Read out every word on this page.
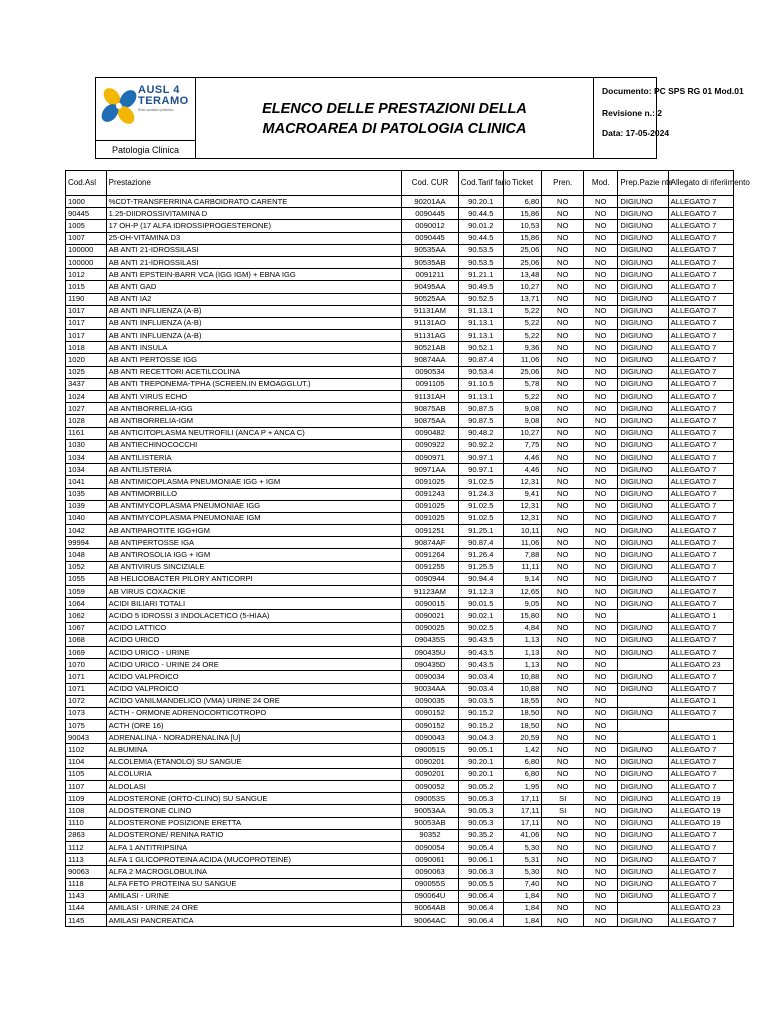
AUSL 4
TERAMO
Ente sanitario pubblico
Patologia Clinica
ELENCO DELLE PRESTAZIONI DELLA
MACROAREA DI PATOLOGIA CLINICA
Documento: PC SPS RG 01 Mod.01
Revisione n.: 2
Data: 17-05-2024
Cod.Asl	Prestazione	Cod. CUR	Cod.Tarif fario	Ticket	Pren.	Mod.	Prep.Pazie nte	Allegato di riferiimento
1000	%CDT-TRANSFERRINA CARBOIDRATO CARENTE	90201AA	90.20.1	6,80	NO	NO	DIGIUNO	ALLEGATO 7
90445	1.25-DIIDROSSIVITAMINA D	0090445	90.44.5	15,86	NO	NO	DIGIUNO	ALLEGATO 7
1005	17 OH-P (17 ALFA IDROSSIPROGESTERONE)	0090012	90.01.2	10,53	NO	NO	DIGIUNO	ALLEGATO 7
1007	25-OH-VITAMINA D3	0090445	90.44.5	15,86	NO	NO	DIGIUNO	ALLEGATO 7
100000	AB ANTI 21-IDROSSILASI	90535AA	90.53.5	25,06	NO	NO	DIGIUNO	ALLEGATO 7
100000	AB ANTI 21-IDROSSILASI	90535AB	90.53.5	25,06	NO	NO	DIGIUNO	ALLEGATO 7
1012	AB ANTI EPSTEIN-BARR VCA (IGG IGM) + EBNA IGG	0091211	91.21.1	13,48	NO	NO	DIGIUNO	ALLEGATO 7
1015	AB ANTI GAD	90495AA	90.49.5	10,27	NO	NO	DIGIUNO	ALLEGATO 7
1190	AB ANTI IA2	90525AA	90.52.5	13,71	NO	NO	DIGIUNO	ALLEGATO 7
1017	AB ANTI INFLUENZA (A-B)	91131AM	91.13.1	5,22	NO	NO	DIGIUNO	ALLEGATO 7
1017	AB ANTI INFLUENZA (A-B)	91131AO	91.13.1	5,22	NO	NO	DIGIUNO	ALLEGATO 7
1017	AB ANTI INFLUENZA (A-B)	91131AG	91.13.1	5,22	NO	NO	DIGIUNO	ALLEGATO 7
1018	AB ANTI INSULA	90521AB	90.52.1	9,36	NO	NO	DIGIUNO	ALLEGATO 7
1020	AB ANTI PERTOSSE IGG	90874AA	90.87.4	11,06	NO	NO	DIGIUNO	ALLEGATO 7
1025	AB ANTI RECETTORI ACETILCOLINA	0090534	90.53.4	25,06	NO	NO	DIGIUNO	ALLEGATO 7
3437	AB ANTI TREPONEMA-TPHA (SCREEN.IN EMOAGGLUT.)	0091105	91.10.5	5,78	NO	NO	DIGIUNO	ALLEGATO 7
1024	AB ANTI VIRUS ECHO	91131AH	91.13.1	5,22	NO	NO	DIGIUNO	ALLEGATO 7
1027	AB ANTIBORRELIA-IGG	90875AB	90.87.5	9,08	NO	NO	DIGIUNO	ALLEGATO 7
1028	AB ANTIBORRELIA-IGM	90875AA	90.87.5	9,08	NO	NO	DIGIUNO	ALLEGATO 7
1161	AB ANTICITOPLASMA NEUTROFILI (ANCA P + ANCA C)	0090482	90.48.2	10,27	NO	NO	DIGIUNO	ALLEGATO 7
1030	AB ANTIECHINOCOCCHI	0090922	90.92.2	7,75	NO	NO	DIGIUNO	ALLEGATO 7
1034	AB ANTILISTERIA	0090971	90.97.1	4,46	NO	NO	DIGIUNO	ALLEGATO 7
1034	AB ANTILISTERIA	90971AA	90.97.1	4,46	NO	NO	DIGIUNO	ALLEGATO 7
1041	AB ANTIMICOPLASMA PNEUMONIAE IGG + IGM	0091025	91.02.5	12,31	NO	NO	DIGIUNO	ALLEGATO 7
1035	AB ANTIMORBILLO	0091243	91.24.3	9,41	NO	NO	DIGIUNO	ALLEGATO 7
1039	AB ANTIMYCOPLASMA PNEUMONIAE IGG	0091025	91.02.5	12,31	NO	NO	DIGIUNO	ALLEGATO 7
1040	AB ANTIMYCOPLASMA PNEUMONIAE IGM	0091025	91.02.5	12,31	NO	NO	DIGIUNO	ALLEGATO 7
1042	AB ANTIPAROTITE IGG+IGM	0091251	91.25.1	10,11	NO	NO	DIGIUNO	ALLEGATO 7
99994	AB ANTIPERTOSSE IGA	90874AF	90.87.4	11,06	NO	NO	DIGIUNO	ALLEGATO 7
1048	AB ANTIROSOLIA IGG + IGM	0091264	91.26.4	7,88	NO	NO	DIGIUNO	ALLEGATO 7
1052	AB ANTIVIRUS SINCIZIALE	0091255	91.25.5	11,11	NO	NO	DIGIUNO	ALLEGATO 7
1055	AB HELICOBACTER PILORY ANTICORPI	0090944	90.94.4	9,14	NO	NO	DIGIUNO	ALLEGATO 7
1059	AB VIRUS COXACKIE	91123AM	91.12.3	12,65	NO	NO	DIGIUNO	ALLEGATO 7
1064	ACIDI BILIARI TOTALI	0090015	90.01.5	9,05	NO	NO	DIGIUNO	ALLEGATO 7
1062	ACIDO 5 IDROSSI 3 INDOLACETICO (5-HIAA)	0090021	90.02.1	15,80	NO	NO		ALLEGATO 1
1067	ACIDO LATTICO	0090025	90.02.5	4,84	NO	NO	DIGIUNO	ALLEGATO 7
1068	ACIDO URICO	090435S	90.43.5	1,13	NO	NO	DIGIUNO	ALLEGATO 7
1069	ACIDO URICO - URINE	090435U	90.43.5	1,13	NO	NO	DIGIUNO	ALLEGATO 7
1070	ACIDO URICO - URINE 24 ORE	090435D	90.43.5	1,13	NO	NO		ALLEGATO 23
1071	ACIDO VALPROICO	0090034	90.03.4	10,88	NO	NO	DIGIUNO	ALLEGATO 7
1071	ACIDO VALPROICO	90034AA	90.03.4	10,88	NO	NO	DIGIUNO	ALLEGATO 7
1072	ACIDO VANILMANDELICO (VMA) URINE 24 ORE	0090035	90.03.5	18,55	NO	NO		ALLEGATO 1
1073	ACTH - ORMONE ADRENOCORTICOTROPO	0090152	90.15.2	18,50	NO	NO	DIGIUNO	ALLEGATO 7
1075	ACTH (ORE 16)	0090152	90.15.2	18,50	NO	NO		
90043	ADRENALINA - NORADRENALINA [U]	0090043	90.04.3	20,59	NO	NO		ALLEGATO 1
1102	ALBUMINA	090051S	90.05.1	1,42	NO	NO	DIGIUNO	ALLEGATO 7
1104	ALCOLEMIA (ETANOLO) SU SANGUE	0090201	90.20.1	6,80	NO	NO	DIGIUNO	ALLEGATO 7
1105	ALCOLURIA	0090201	90.20.1	6,80	NO	NO	DIGIUNO	ALLEGATO 7
1107	ALDOLASI	0090052	90.05.2	1,95	NO	NO	DIGIUNO	ALLEGATO 7
1109	ALDOSTERONE (ORTO-CLINO) SU SANGUE	090053S	90.05.3	17,11	SI	NO	DIGIUNO	ALLEGATO 19
1108	ALDOSTERONE CLINO	90053AA	90.05.3	17,11	SI	NO	DIGIUNO	ALLEGATO 19
1110	ALDOSTERONE POSIZIONE ERETTA	90053AB	90.05.3	17,11	NO	NO	DIGIUNO	ALLEGATO 19
2863	ALDOSTERONE/ RENINA RATIO	90352	90.35.2	41,06	NO	NO	DIGIUNO	ALLEGATO 7
1112	ALFA 1 ANTITRIPSINA	0090054	90.05.4	5,30	NO	NO	DIGIUNO	ALLEGATO 7
1113	ALFA 1 GLICOPROTEINA ACIDA (MUCOPROTEINE)	0090061	90.06.1	5,31	NO	NO	DIGIUNO	ALLEGATO 7
90063	ALFA 2 MACROGLOBULINA	0090063	90.06.3	5,30	NO	NO	DIGIUNO	ALLEGATO 7
1118	ALFA FETO PROTEINA SU SANGUE	090055S	90.05.5	7,40	NO	NO	DIGIUNO	ALLEGATO 7
1143	AMILASI - URINE	090064U	90.06.4	1,84	NO	NO	DIGIUNO	ALLEGATO 7
1144	AMILASI - URINE 24 ORE	90064AB	90.06.4	1,84	NO	NO		ALLEGATO 23
1145	AMILASI PANCREATICA	90064AC	90.06.4	1,84	NO	NO	DIGIUNO	ALLEGATO 7
